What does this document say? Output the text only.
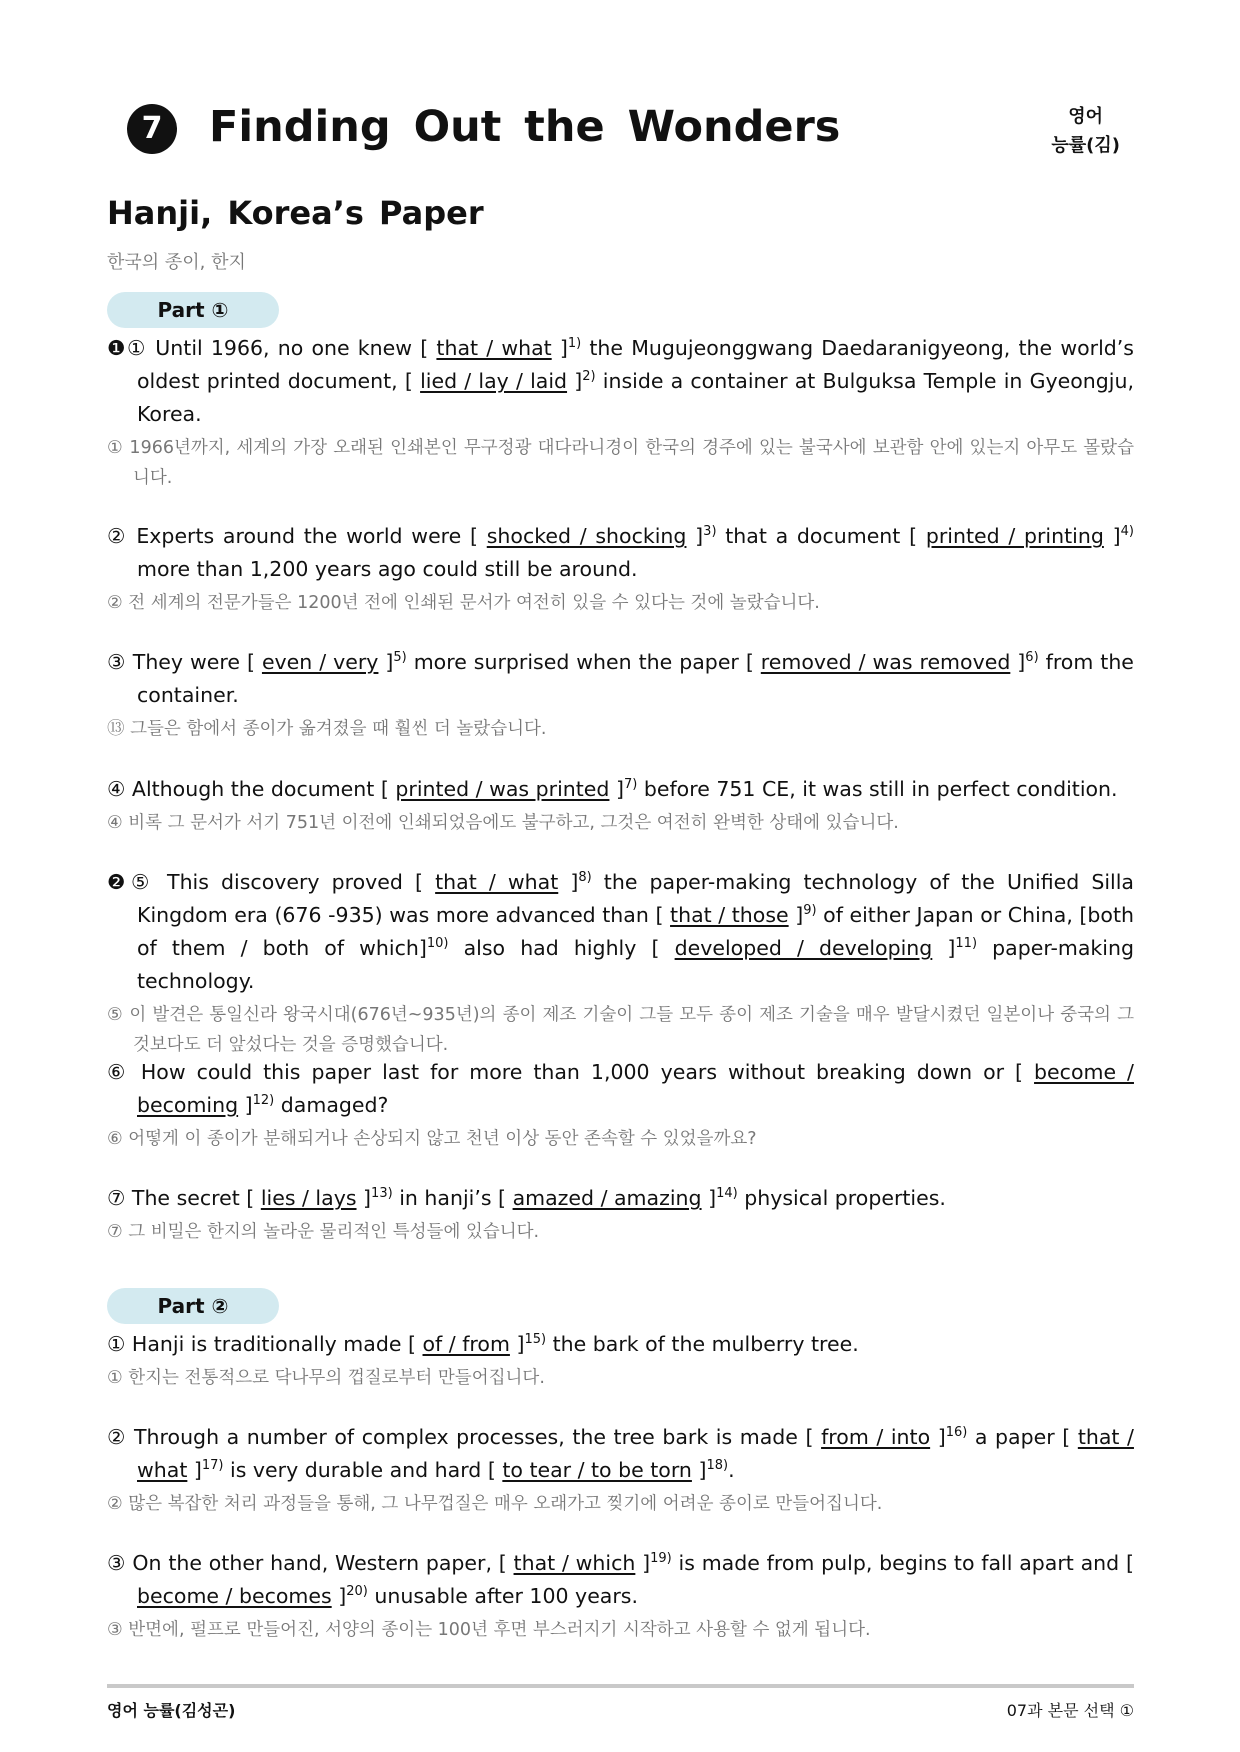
7	Finding Out the Wonders	영어
능률(김)
Hanji, Korea’s Paper
한국의 종이, 한지
Part ①
❶① Until 1966, no one knew [ that / what ]$^{1)}$ the Mugujeonggwang Daedaranigyeong, the world’s oldest printed document, [ lied / lay / laid ]$^{2)}$ inside a container at Bulguksa Temple in Gyeongju, Korea.
① 1966년까지, 세계의 가장 오래된 인쇄본인 무구정광 대다라니경이 한국의 경주에 있는 불국사에 보관함 안에 있는지 아무도 몰랐습니다.
② Experts around the world were [ shocked / shocking ]$^{3)}$ that a document [ printed / printing ]$^{4)}$ more than 1,200 years ago could still be around.
② 전 세계의 전문가들은 1200년 전에 인쇄된 문서가 여전히 있을 수 있다는 것에 놀랐습니다.
③ They were [ even / very ]$^{5)}$ more surprised when the paper [ removed / was removed ]$^{6)}$ from the container.
⑬ 그들은 함에서 종이가 옮겨졌을 때 훨씬 더 놀랐습니다.
④ Although the document [ printed / was printed ]$^{7)}$ before 751 CE, it was still in perfect condition.
④ 비록 그 문서가 서기 751년 이전에 인쇄되었음에도 불구하고, 그것은 여전히 완벽한 상태에 있습니다.
❷⑤ This discovery proved [ that / what ]$^{8)}$ the paper-making technology of the Unified Silla Kingdom era (676 -935) was more advanced than [ that / those ]$^{9)}$ of either Japan or China, [both of them / both of which]$^{10)}$ also had highly [ developed / developing ]$^{11)}$ paper-making technology.
⑤ 이 발견은 통일신라 왕국시대(676년~935년)의 종이 제조 기술이 그들 모두 종이 제조 기술을 매우 발달시켰던 일본이나 중국의 그것보다도 더 앞섰다는 것을 증명했습니다.
⑥ How could this paper last for more than 1,000 years without breaking down or [ become / becoming ]$^{12)}$ damaged?
⑥ 어떻게 이 종이가 분해되거나 손상되지 않고 천년 이상 동안 존속할 수 있었을까요?
⑦ The secret [ lies / lays ]$^{13)}$ in hanji’s [ amazed / amazing ]$^{14)}$ physical properties.
⑦ 그 비밀은 한지의 놀라운 물리적인 특성들에 있습니다.
Part ②
① Hanji is traditionally made [ of / from ]$^{15)}$ the bark of the mulberry tree.
① 한지는 전통적으로 닥나무의 껍질로부터 만들어집니다.
② Through a number of complex processes, the tree bark is made [ from / into ]$^{16)}$ a paper [ that / what ]$^{17)}$ is very durable and hard [ to tear / to be torn ]$^{18)}$.
② 많은 복잡한 처리 과정들을 통해, 그 나무껍질은 매우 오래가고 찢기에 어려운 종이로 만들어집니다.
③ On the other hand, Western paper, [ that / which ]$^{19)}$ is made from pulp, begins to fall apart and [ become / becomes ]$^{20)}$ unusable after 100 years.
③ 반면에, 펄프로 만들어진, 서양의 종이는 100년 후면 부스러지기 시작하고 사용할 수 없게 됩니다.
영어 능률(김성곤)	07과 본문 선택 ①
